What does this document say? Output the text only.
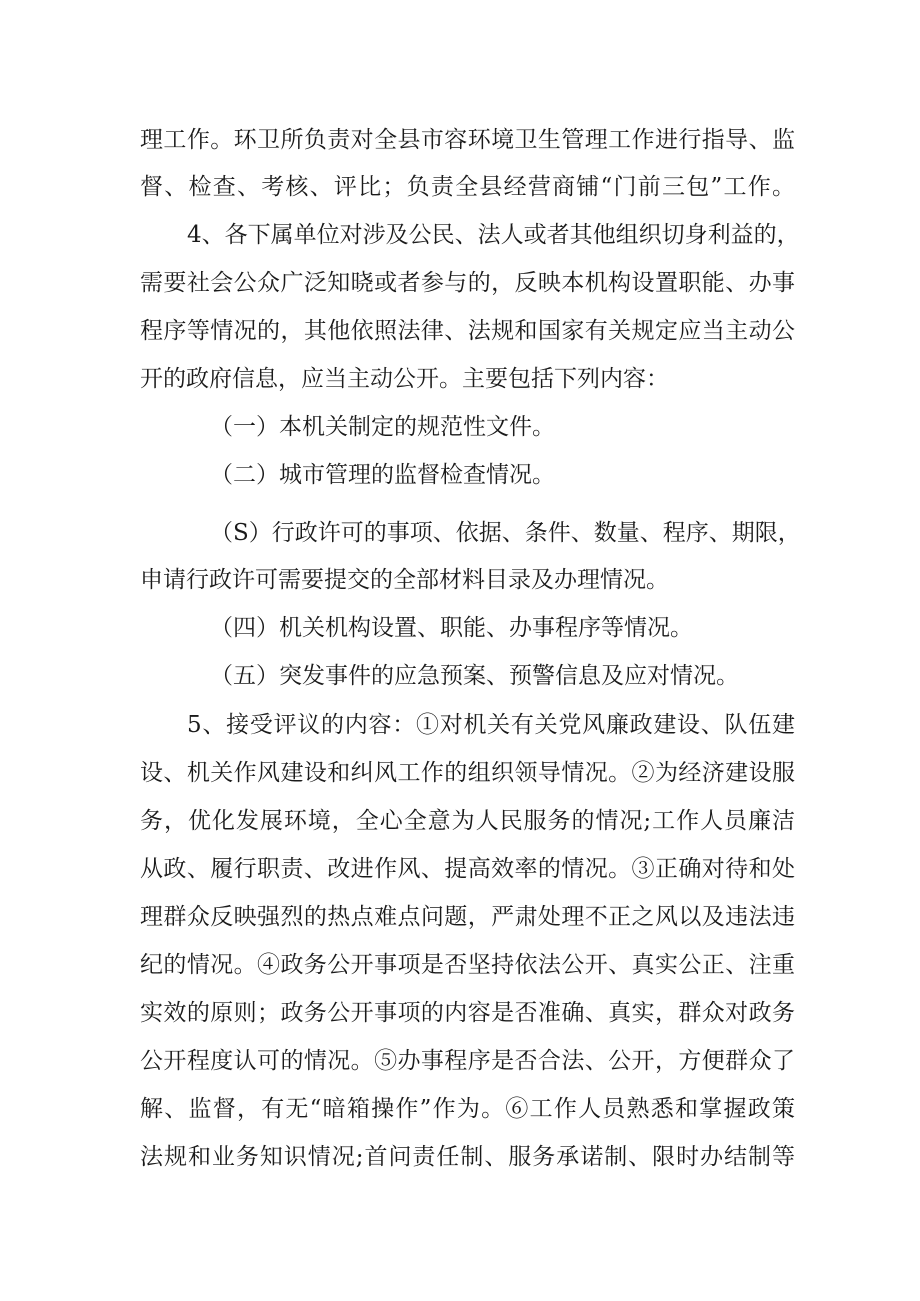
理工作。环卫所负责对全县市容环境卫生管理工作进行指导、监

督、检查、考核、评比；负责全县经营商铺“门前三包”工作。

4、各下属单位对涉及公民、法人或者其他组织切身利益的，

需要社会公众广泛知晓或者参与的，反映本机构设置职能、办事

程序等情况的，其他依照法律、法规和国家有关规定应当主动公

开的政府信息，应当主动公开。主要包括下列内容：

（一）本机关制定的规范性文件。

（二）城市管理的监督检查情况。

（S）行政许可的事项、依据、条件、数量、程序、期限，

申请行政许可需要提交的全部材料目录及办理情况。

（四）机关机构设置、职能、办事程序等情况。

（五）突发事件的应急预案、预警信息及应对情况。

5、接受评议的内容：①对机关有关党风廉政建设、队伍建

设、机关作风建设和纠风工作的组织领导情况。②为经济建设服

务，优化发展环境，全心全意为人民服务的情况;工作人员廉洁

从政、履行职责、改进作风、提高效率的情况。③正确对待和处

理群众反映强烈的热点难点问题，严肃处理不正之风以及违法违

纪的情况。④政务公开事项是否坚持依法公开、真实公正、注重

实效的原则；政务公开事项的内容是否准确、真实，群众对政务

公开程度认可的情况。⑤办事程序是否合法、公开，方便群众了

解、监督，有无“暗箱操作”作为。⑥工作人员熟悉和掌握政策

法规和业务知识情况;首问责任制、服务承诺制、限时办结制等
